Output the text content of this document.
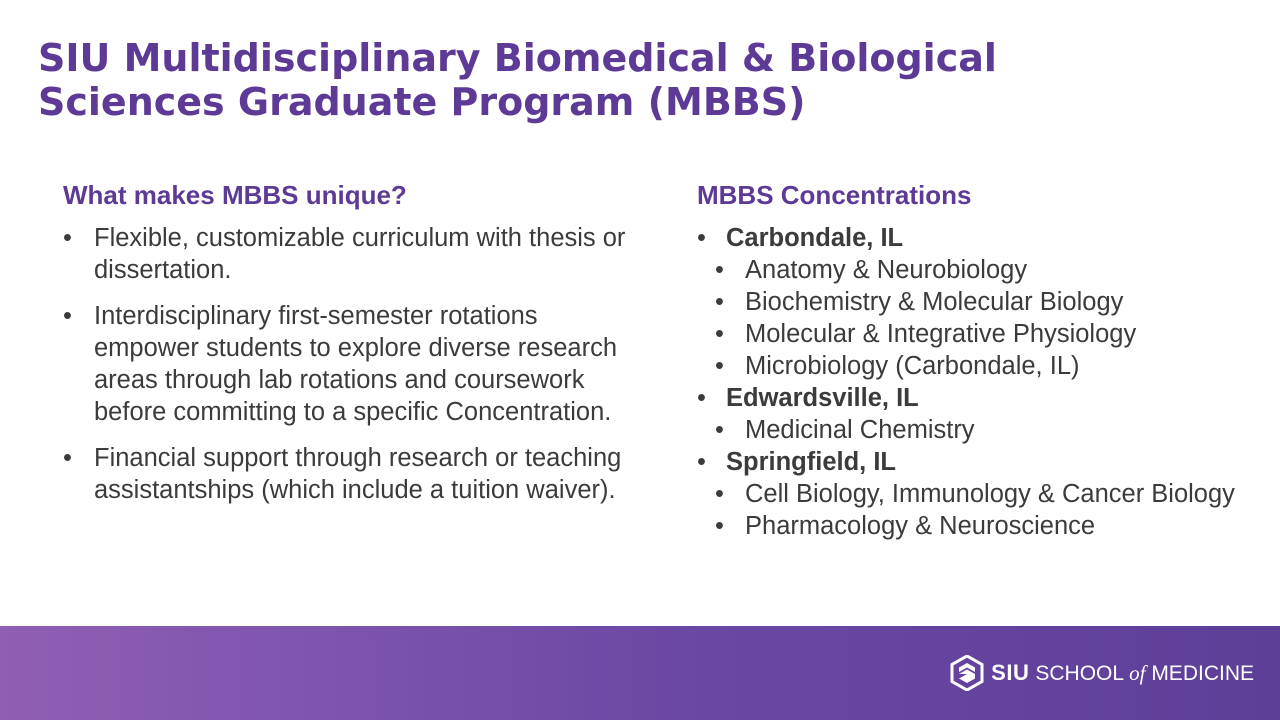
SIU Multidisciplinary Biomedical & Biological
Sciences Graduate Program (MBBS)
What makes MBBS unique?
• Flexible, customizable curriculum with thesis or dissertation.
• Interdisciplinary first-semester rotations empower students to explore diverse research areas through lab rotations and coursework before committing to a specific Concentration.
• Financial support through research or teaching assistantships (which include a tuition waiver).
MBBS Concentrations
• Carbondale, IL
• Anatomy & Neurobiology
• Biochemistry & Molecular Biology
• Molecular & Integrative Physiology
• Microbiology (Carbondale, IL)
• Edwardsville, IL
• Medicinal Chemistry
• Springfield, IL
• Cell Biology, Immunology & Cancer Biology
• Pharmacology & Neuroscience
SIU SCHOOL of MEDICINE
